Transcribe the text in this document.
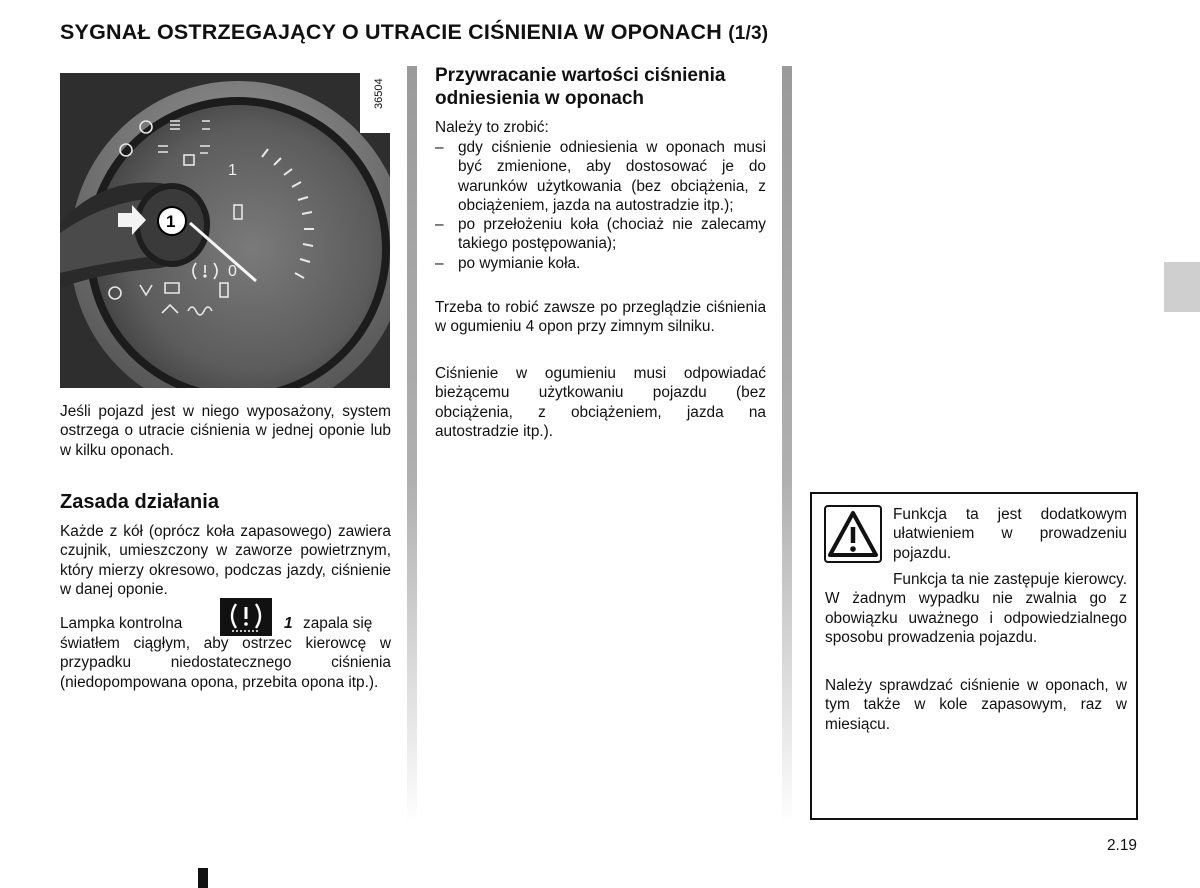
SYGNAŁ OSTRZEGAJĄCY O UTRACIE CIŚNIENIA W OPONACH (1/3)
1
0
1
36504

Jeśli pojazd jest w niego wyposażony, system ostrzega o utracie ciśnienia w jednej oponie lub w kilku oponach.

Zasada działania

Każde z kół (oprócz koła zapasowego) zawiera czujnik, umieszczony w zaworze powietrznym, który mierzy okresowo, podczas jazdy, ciśnienie w danej oponie.

Lampka kontrolna	1 zapala się

światłem ciągłym, aby ostrzec kierowcę w przypadku niedostatecznego ciśnienia (niedopompowana opona, przebita opona itp.).

Przywracanie wartości ciśnienia odniesienia w oponach

Należy to zrobić:

– gdy ciśnienie odniesienia w oponach musi być zmienione, aby dostosować je do warunków użytkowania (bez obciążenia, z obciążeniem, jazda na autostradzie itp.);
– po przełożeniu koła (chociaż nie zalecamy takiego postępowania);
– po wymianie koła.

Trzeba to robić zawsze po przeglądzie ciśnienia w ogumieniu 4 opon przy zimnym silniku.

Ciśnienie w ogumieniu musi odpowiadać bieżącemu użytkowaniu pojazdu (bez obciążenia, z obciążeniem, jazda na autostradzie itp.).

Funkcja ta jest dodatkowym ułatwieniem w prowadzeniu pojazdu.

Funkcja ta nie zastępuje kierowcy. W żadnym wypadku nie zwalnia go z obowiązku uważnego i odpowiedzialnego sposobu prowadzenia pojazdu.

Należy sprawdzać ciśnienie w oponach, w tym także w kole zapasowym, raz w miesiącu.

2.19
